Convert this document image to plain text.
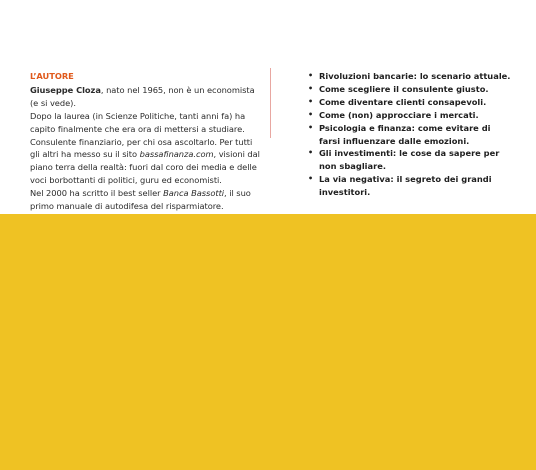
L’AUTORE

Giuseppe Cloza, nato nel 1965, non è un economista (e si vede).

Dopo la laurea (in Scienze Politiche, tanti anni fa) ha capito finalmente che era ora di mettersi a studiare.

Consulente finanziario, per chi osa ascoltarlo. Per tutti gli altri ha messo su il sito bassafinanza.com, visioni dal piano terra della realtà: fuori dal coro dei media e delle voci borbottanti di politici, guru ed economisti.

Nel 2000 ha scritto il best seller Banca Bassotti, il suo primo manuale di autodifesa del risparmiatore.

• Rivoluzioni bancarie: lo scenario attuale.
• Come scegliere il consulente giusto.
• Come diventare clienti consapevoli.
• Come (non) approcciare i mercati.
• Psicologia e finanza: come evitare di farsi influenzare dalle emozioni.
• Gli investimenti: le cose da sapere per non sbagliare.
• La via negativa: il segreto dei grandi investitori.
